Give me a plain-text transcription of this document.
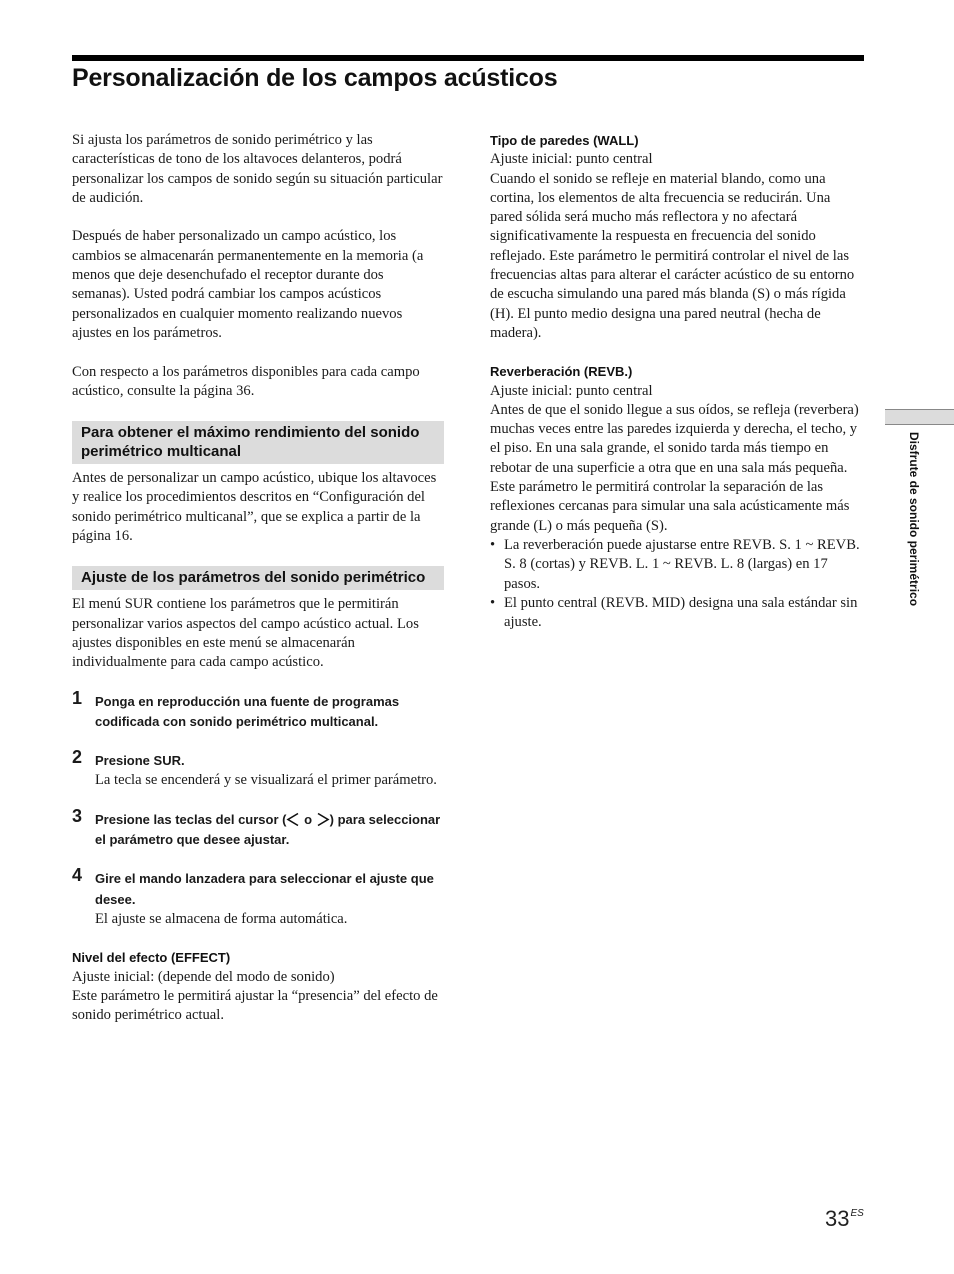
Personalización de los campos acústicos

Si ajusta los parámetros de sonido perimétrico y las características de tono de los altavoces delanteros, podrá personalizar los campos de sonido según su situación particular de audición.

Después de haber personalizado un campo acústico, los cambios se almacenarán permanentemente en la memoria (a menos que deje desenchufado el receptor durante dos semanas). Usted podrá cambiar los campos acústicos personalizados en cualquier momento realizando nuevos ajustes en los parámetros.

Con respecto a los parámetros disponibles para cada campo acústico, consulte la página 36.

Para obtener el máximo rendimiento del sonido perimétrico multicanal

Antes de personalizar un campo acústico, ubique los altavoces y realice los procedimientos descritos en “Configuración del sonido perimétrico multicanal”, que se explica a partir de la página 16.

Ajuste de los parámetros del sonido perimétrico

El menú SUR contiene los parámetros que le permitirán personalizar varios aspectos del campo acústico actual. Los ajustes disponibles en este menú se almacenarán individualmente para cada campo acústico.

1 Ponga en reproducción una fuente de programas codificada con sonido perimétrico multicanal.
2 Presione SUR.

La tecla se encenderá y se visualizará el primer parámetro.

3 Presione las teclas del cursor ( o ) para seleccionar el parámetro que desee ajustar.
4 Gire el mando lanzadera para seleccionar el ajuste que desee.

El ajuste se almacena de forma automática.

Nivel del efecto (EFFECT)

Ajuste inicial: (depende del modo de sonido)

Este parámetro le permitirá ajustar la “presencia” del efecto de sonido perimétrico actual.

Tipo de paredes (WALL)

Ajuste inicial: punto central

Cuando el sonido se refleje en material blando, como una cortina, los elementos de alta frecuencia se reducirán. Una pared sólida será mucho más reflectora y no afectará significativamente la respuesta en frecuencia del sonido reflejado. Este parámetro le permitirá controlar el nivel de las frecuencias altas para alterar el carácter acústico de su entorno de escucha simulando una pared más blanda (S) o más rígida (H). El punto medio designa una pared neutral (hecha de madera).

Reverberación (REVB.)

Ajuste inicial: punto central

Antes de que el sonido llegue a sus oídos, se refleja (reverbera) muchas veces entre las paredes izquierda y derecha, el techo, y el piso. En una sala grande, el sonido tarda más tiempo en rebotar de una superficie a otra que en una sala más pequeña. Este parámetro le permitirá controlar la separación de las reflexiones cercanas para simular una sala acústicamente más grande (L) o más pequeña (S).

• La reverberación puede ajustarse entre REVB. S. 1 ~ REVB. S. 8 (cortas) y REVB. L. 1 ~ REVB. L. 8 (largas) en 17 pasos.
• El punto central (REVB. MID) designa una sala estándar sin ajuste.
Disfrute de sonido perimétrico
$33^{ES}$
